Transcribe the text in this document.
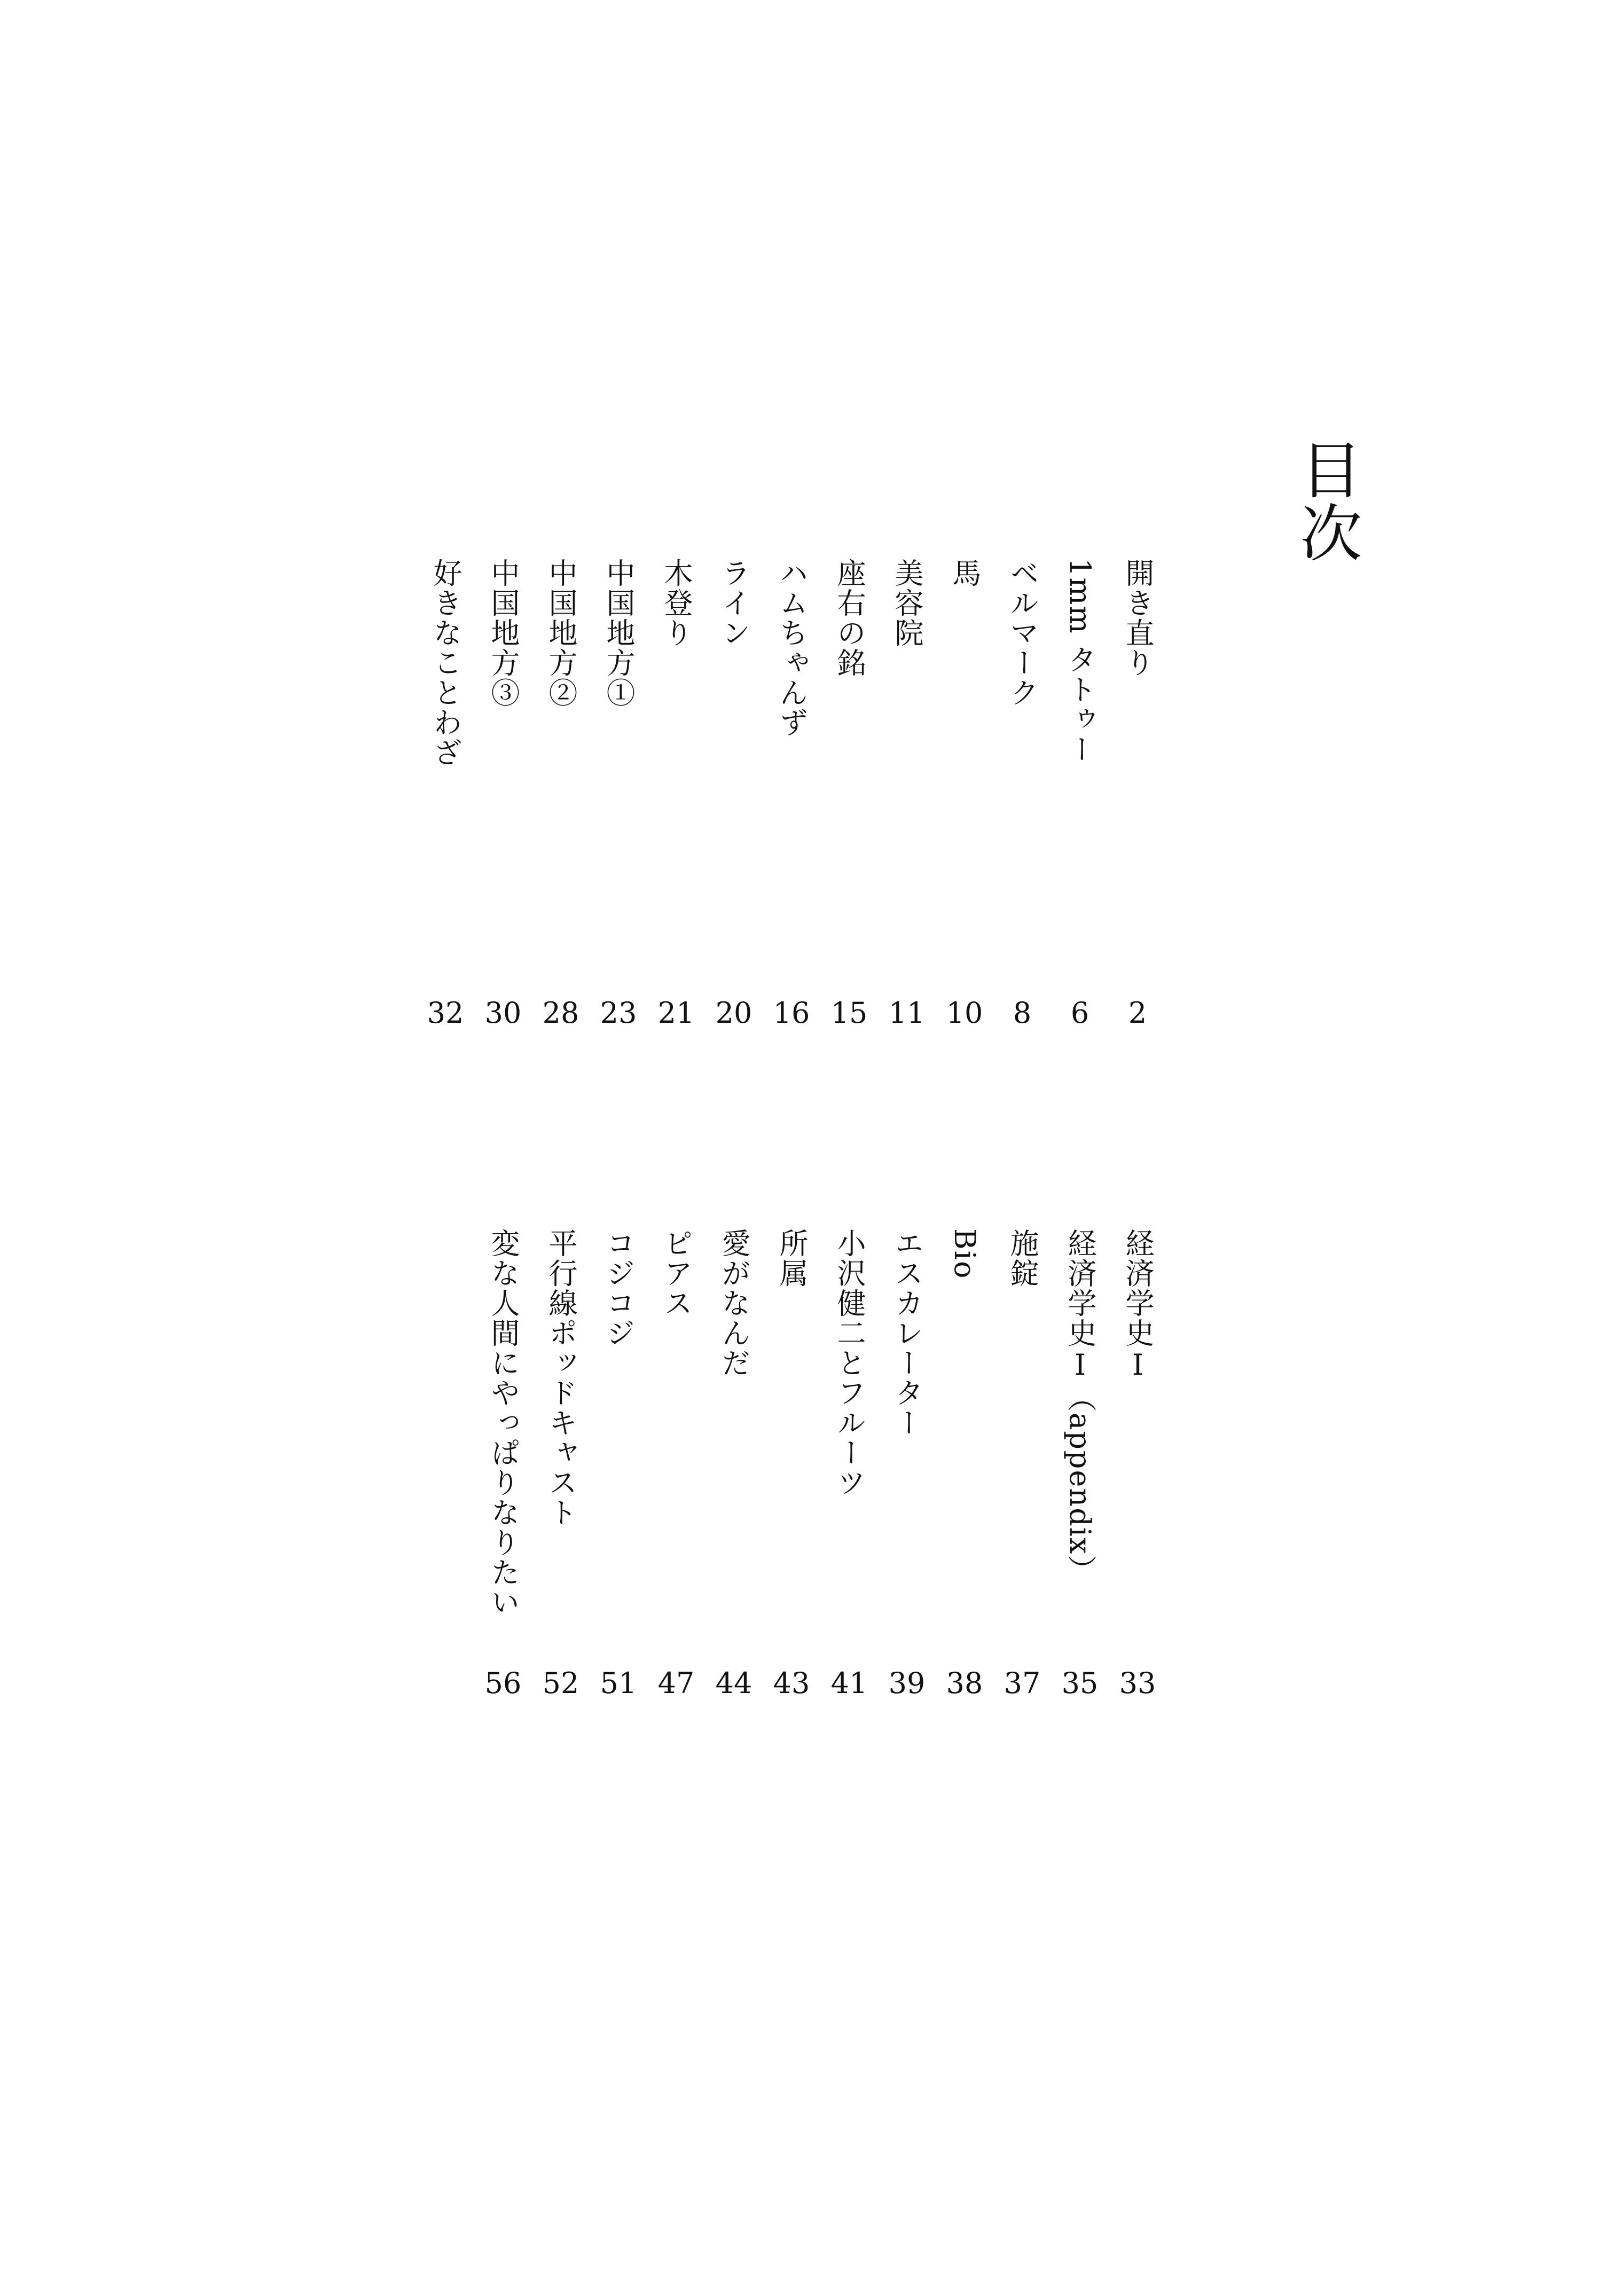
目次
開き直り
2
1mm タトゥー
6
ベルマーク
8
馬
10
美容院
11
座右の銘
15
ハムちゃんず
16
ライン
20
木登り
21
中国地方①
23
中国地方②
28
中国地方③
30
好きなことわざ
32
経済学史Ⅰ
33
経済学史Ⅰ（appendix）
35
施錠
37
Bio
38
エスカレーター
39
小沢健二とフルーツ
41
所属
43
愛がなんだ
44
ピアス
47
コジコジ
51
平行線ポッドキャスト
52
変な人間にやっぱりなりたい
56
